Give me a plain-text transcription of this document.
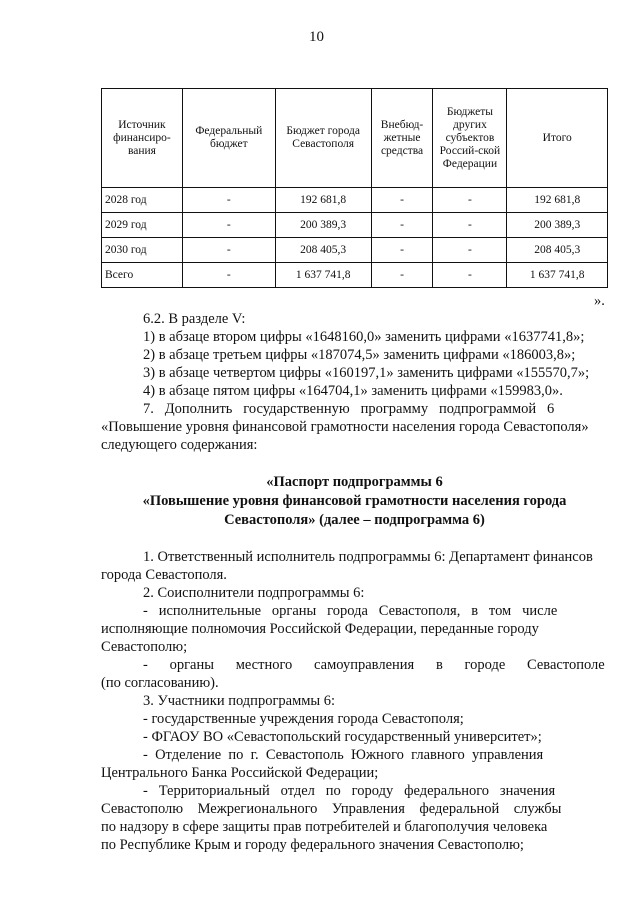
10
Источник финансиро-вания	Федеральный бюджет	Бюджет города Севастополя	Внебюд-жетные средства	Бюджеты других субъектов Россий-ской Федерации	Итого
2028 год	-	192 681,8	-	-	192 681,8
2029 год	-	200 389,3	-	-	200 389,3
2030 год	-	208 405,3	-	-	208 405,3
Всего	-	1 637 741,8	-	-	1 637 741,8
».
6.2. В разделе V:
1) в абзаце втором цифры «1648160,0» заменить цифрами «1637741,8»;
2) в абзаце третьем цифры «187074,5» заменить цифрами «186003,8»;
3) в абзаце четвертом цифры «160197,1» заменить цифрами «155570,7»;
4) в абзаце пятом цифры «164704,1» заменить цифрами «159983,0».
7.   Дополнить   государственную   программу   подпрограммой   6
«Повышение уровня финансовой грамотности населения города Севастополя»
следующего содержания:
«Паспорт подпрограммы 6
«Повышение уровня финансовой грамотности населения города
Севастополя» (далее – подпрограмма 6)
1. Ответственный исполнитель подпрограммы 6: Департамент финансов
города Севастополя.
2. Соисполнители подпрограммы 6:
-   исполнительные   органы   города   Севастополя,   в   том   числе
исполняющие полномочия Российской Федерации, переданные городу
Севастополю;
-      органы      местного      самоуправления      в      городе      Севастополе
(по согласованию).
3. Участники подпрограммы 6:
- государственные учреждения города Севастополя;
- ФГАОУ ВО «Севастопольский государственный университет»;
-  Отделение  по  г.  Севастополь  Южного  главного  управления
Центрального Банка Российской Федерации;
-   Территориальный   отдел   по   городу   федерального   значения
Севастополю    Межрегионального    Управления    федеральной    службы
по надзору в сфере защиты прав потребителей и благополучия человека
по Республике Крым и городу федерального значения Севастополю;
